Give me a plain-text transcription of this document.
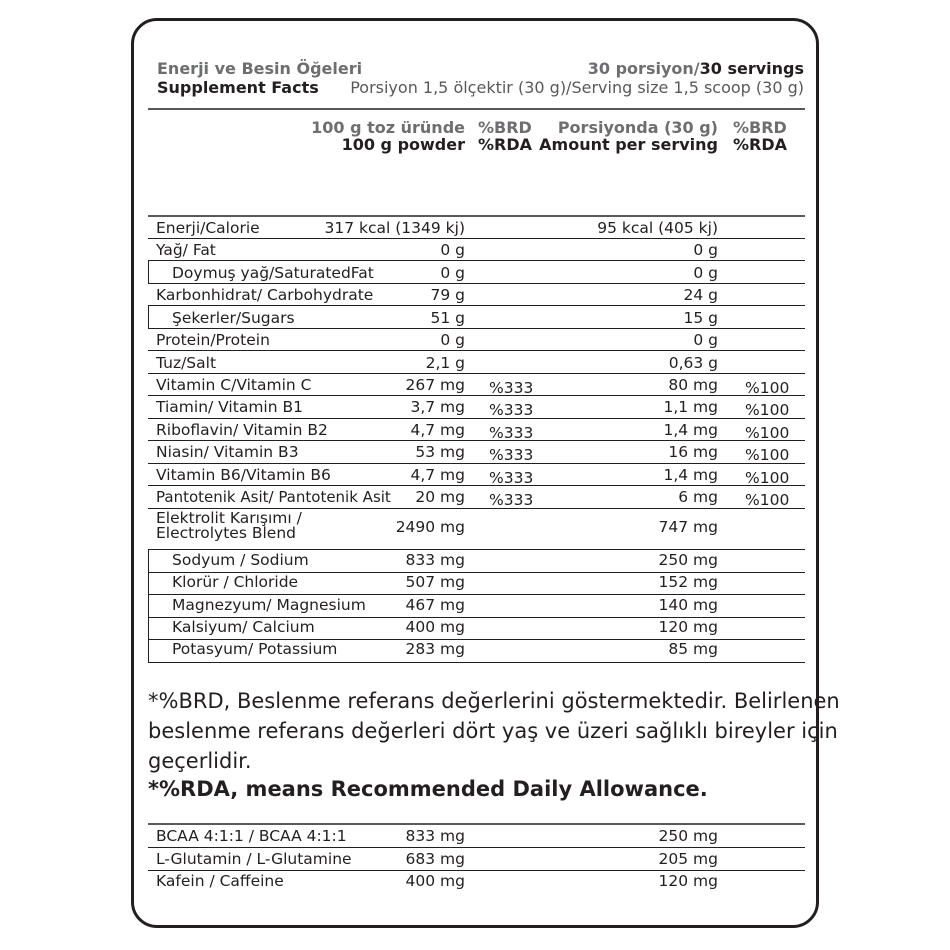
Enerji ve Besin Öğeleri
Supplement Facts
30 porsiyon/30 servings
Porsiyon 1,5 ölçektir (30 g)/Serving size 1,5 scoop (30 g)
100 g toz üründe
100 g powder
%BRD
%RDA
Porsiyonda (30 g)
Amount per serving
%BRD
%RDA
Enerji/Calorie	317 kcal (1349 kj)	95 kcal (405 kj)
Yağ/ Fat	0 g	0 g
Doymuş yağ/SaturatedFat	0 g	0 g
Karbonhidrat/ Carbohydrate	79 g	24 g
Şekerler/Sugars	51 g	15 g
Protein/Protein	0 g	0 g
Tuz/Salt	2,1 g	0,63 g
Vitamin C/Vitamin C	267 mg %333	80 mg %100
Tiamin/ Vitamin B1	3,7 mg %333	1,1 mg %100
Riboflavin/ Vitamin B2	4,7 mg %333	1,4 mg %100
Niasin/ Vitamin B3	53 mg %333	16 mg %100
Vitamin B6/Vitamin B6	4,7 mg %333	1,4 mg %100
Pantotenik Asit/ Pantotenik Asit 20 mg %333	6 mg %100
Elektrolit Karışımı /
Electrolytes Blend	2490 mg	747 mg
Sodyum / Sodium	833 mg	250 mg
Klorür / Chloride	507 mg	152 mg
Magnezyum/ Magnesium	467 mg	140 mg
Kalsiyum/ Calcium	400 mg	120 mg
Potasyum/ Potassium	283 mg	85 mg
*%BRD, Beslenme referans değerlerini göstermektedir. Belirlenen
beslenme referans değerleri dört yaş ve üzeri sağlıklı bireyler için
geçerlidir.
*%RDA, means Recommended Daily Allowance.
BCAA 4:1:1 / BCAA 4:1:1	833 mg	250 mg
L-Glutamin / L-Glutamine	683 mg	205 mg
Kafein / Caffeine	400 mg	120 mg
